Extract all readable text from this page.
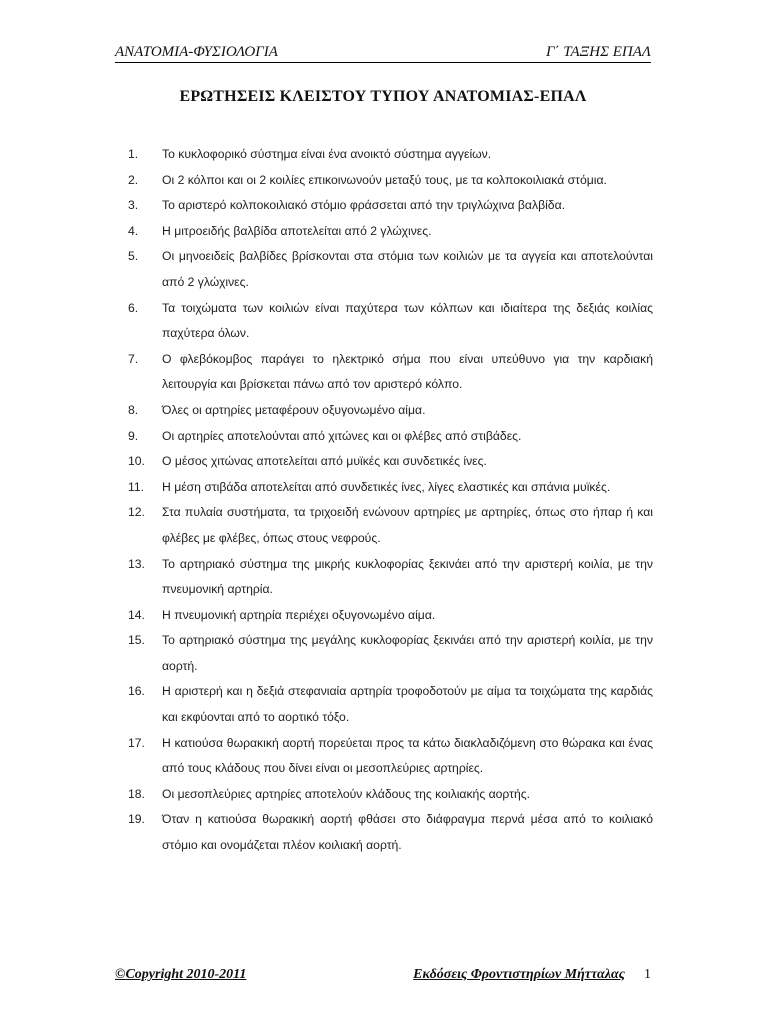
ΑΝΑΤΟΜΙΑ-ΦΥΣΙΟΛΟΓΙΑ	Γ΄ ΤΑΞΗΣ ΕΠΑΛ
ΕΡΩΤΗΣΕΙΣ ΚΛΕΙΣΤΟΥ ΤΥΠΟΥ ΑΝΑΤΟΜΙΑΣ-ΕΠΑΛ
1.	Το κυκλοφορικό σύστημα είναι ένα ανοικτό σύστημα αγγείων.
2.	Οι 2 κόλποι και οι 2 κοιλίες επικοινωνούν μεταξύ τους, με τα κολποκοιλιακά στόμια.
3.	Το αριστερό κολποκοιλιακό στόμιο φράσσεται από την τριγλώχινα βαλβίδα.
4.	Η μιτροειδής βαλβίδα αποτελείται από 2 γλώχινες.
5.	Οι μηνοειδείς βαλβίδες βρίσκονται στα στόμια των κοιλιών με τα αγγεία και αποτελούνται από 2 γλώχινες.
6.	Τα τοιχώματα των κοιλιών είναι παχύτερα των κόλπων και ιδιαίτερα της δεξιάς κοιλίας παχύτερα όλων.
7.	Ο φλεβόκομβος παράγει το ηλεκτρικό σήμα που είναι υπεύθυνο για την καρδιακή λειτουργία και βρίσκεται πάνω από τον αριστερό κόλπο.
8.	Όλες οι αρτηρίες μεταφέρουν οξυγονωμένο αίμα.
9.	Οι αρτηρίες αποτελούνται από χιτώνες και οι φλέβες από στιβάδες.
10.	Ο μέσος χιτώνας αποτελείται από μυϊκές και συνδετικές ίνες.
11.	Η μέση στιβάδα αποτελείται από συνδετικές ίνες, λίγες ελαστικές και σπάνια μυϊκές.
12.	Στα πυλαία συστήματα, τα τριχοειδή ενώνουν αρτηρίες με αρτηρίες, όπως στο ήπαρ ή και φλέβες με φλέβες, όπως στους νεφρούς.
13.	Το αρτηριακό σύστημα της μικρής κυκλοφορίας ξεκινάει από την αριστερή κοιλία, με την πνευμονική αρτηρία.
14.	Η πνευμονική αρτηρία περιέχει οξυγονωμένο αίμα.
15.	Το αρτηριακό σύστημα της μεγάλης κυκλοφορίας ξεκινάει από την αριστερή κοιλία, με την αορτή.
16.	Η αριστερή και η δεξιά στεφανιαία αρτηρία τροφοδοτούν με αίμα τα τοιχώματα της καρδιάς και εκφύονται από το αορτικό τόξο.
17.	Η κατιούσα θωρακική αορτή πορεύεται προς τα κάτω διακλαδιζόμενη στο θώρακα και ένας από τους κλάδους που δίνει είναι οι μεσοπλεύριες αρτηρίες.
18.	Οι μεσοπλεύριες αρτηρίες αποτελούν κλάδους της κοιλιακής αορτής.
19.	Όταν η κατιούσα θωρακική αορτή φθάσει στο διάφραγμα περνά μέσα από το κοιλιακό στόμιο και ονομάζεται πλέον κοιλιακή αορτή.
©Copyright 2010-2011	Εκδόσεις Φροντιστηρίων Μήτταλας 1
